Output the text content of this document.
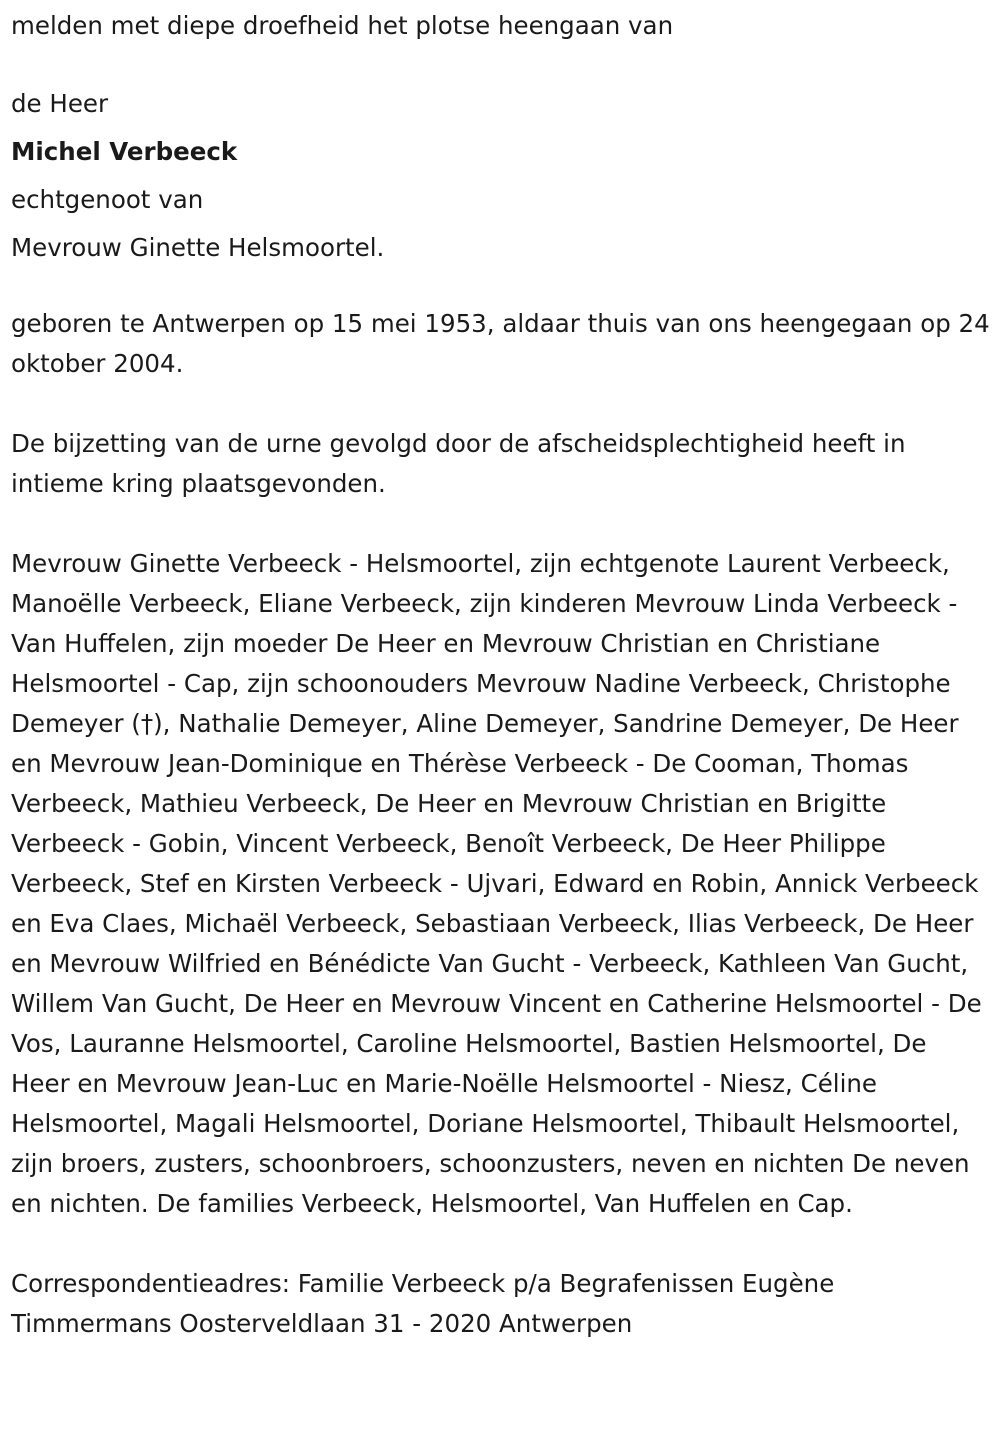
melden met diepe droefheid het plotse heengaan van

de Heer

Michel Verbeeck

echtgenoot van

Mevrouw Ginette Helsmoortel.

geboren te Antwerpen op 15 mei 1953, aldaar thuis van ons heengegaan op 24 oktober 2004.

De bijzetting van de urne gevolgd door de afscheidsplechtigheid heeft in intieme kring plaatsgevonden.

Mevrouw Ginette Verbeeck - Helsmoortel, zijn echtgenote Laurent Verbeeck, Manoëlle Verbeeck, Eliane Verbeeck, zijn kinderen Mevrouw Linda Verbeeck - Van Huffelen, zijn moeder De Heer en Mevrouw Christian en Christiane Helsmoortel - Cap, zijn schoonouders Mevrouw Nadine Verbeeck, Christophe Demeyer (†), Nathalie Demeyer, Aline Demeyer, Sandrine Demeyer, De Heer en Mevrouw Jean-Dominique en Thérèse Verbeeck - De Cooman, Thomas Verbeeck, Mathieu Verbeeck, De Heer en Mevrouw Christian en Brigitte Verbeeck - Gobin, Vincent Verbeeck, Benoît Verbeeck, De Heer Philippe Verbeeck, Stef en Kirsten Verbeeck - Ujvari, Edward en Robin, Annick Verbeeck en Eva Claes, Michaël Verbeeck, Sebastiaan Verbeeck, Ilias Verbeeck, De Heer en Mevrouw Wilfried en Bénédicte Van Gucht - Verbeeck, Kathleen Van Gucht, Willem Van Gucht, De Heer en Mevrouw Vincent en Catherine Helsmoortel - De Vos, Lauranne Helsmoortel, Caroline Helsmoortel, Bastien Helsmoortel, De Heer en Mevrouw Jean-Luc en Marie-Noëlle Helsmoortel - Niesz, Céline Helsmoortel, Magali Helsmoortel, Doriane Helsmoortel, Thibault Helsmoortel, zijn broers, zusters, schoonbroers, schoonzusters, neven en nichten De neven en nichten. De families Verbeeck, Helsmoortel, Van Huffelen en Cap.

Correspondentieadres: Familie Verbeeck p/a Begrafenissen Eugène Timmermans Oosterveldlaan 31 - 2020 Antwerpen
